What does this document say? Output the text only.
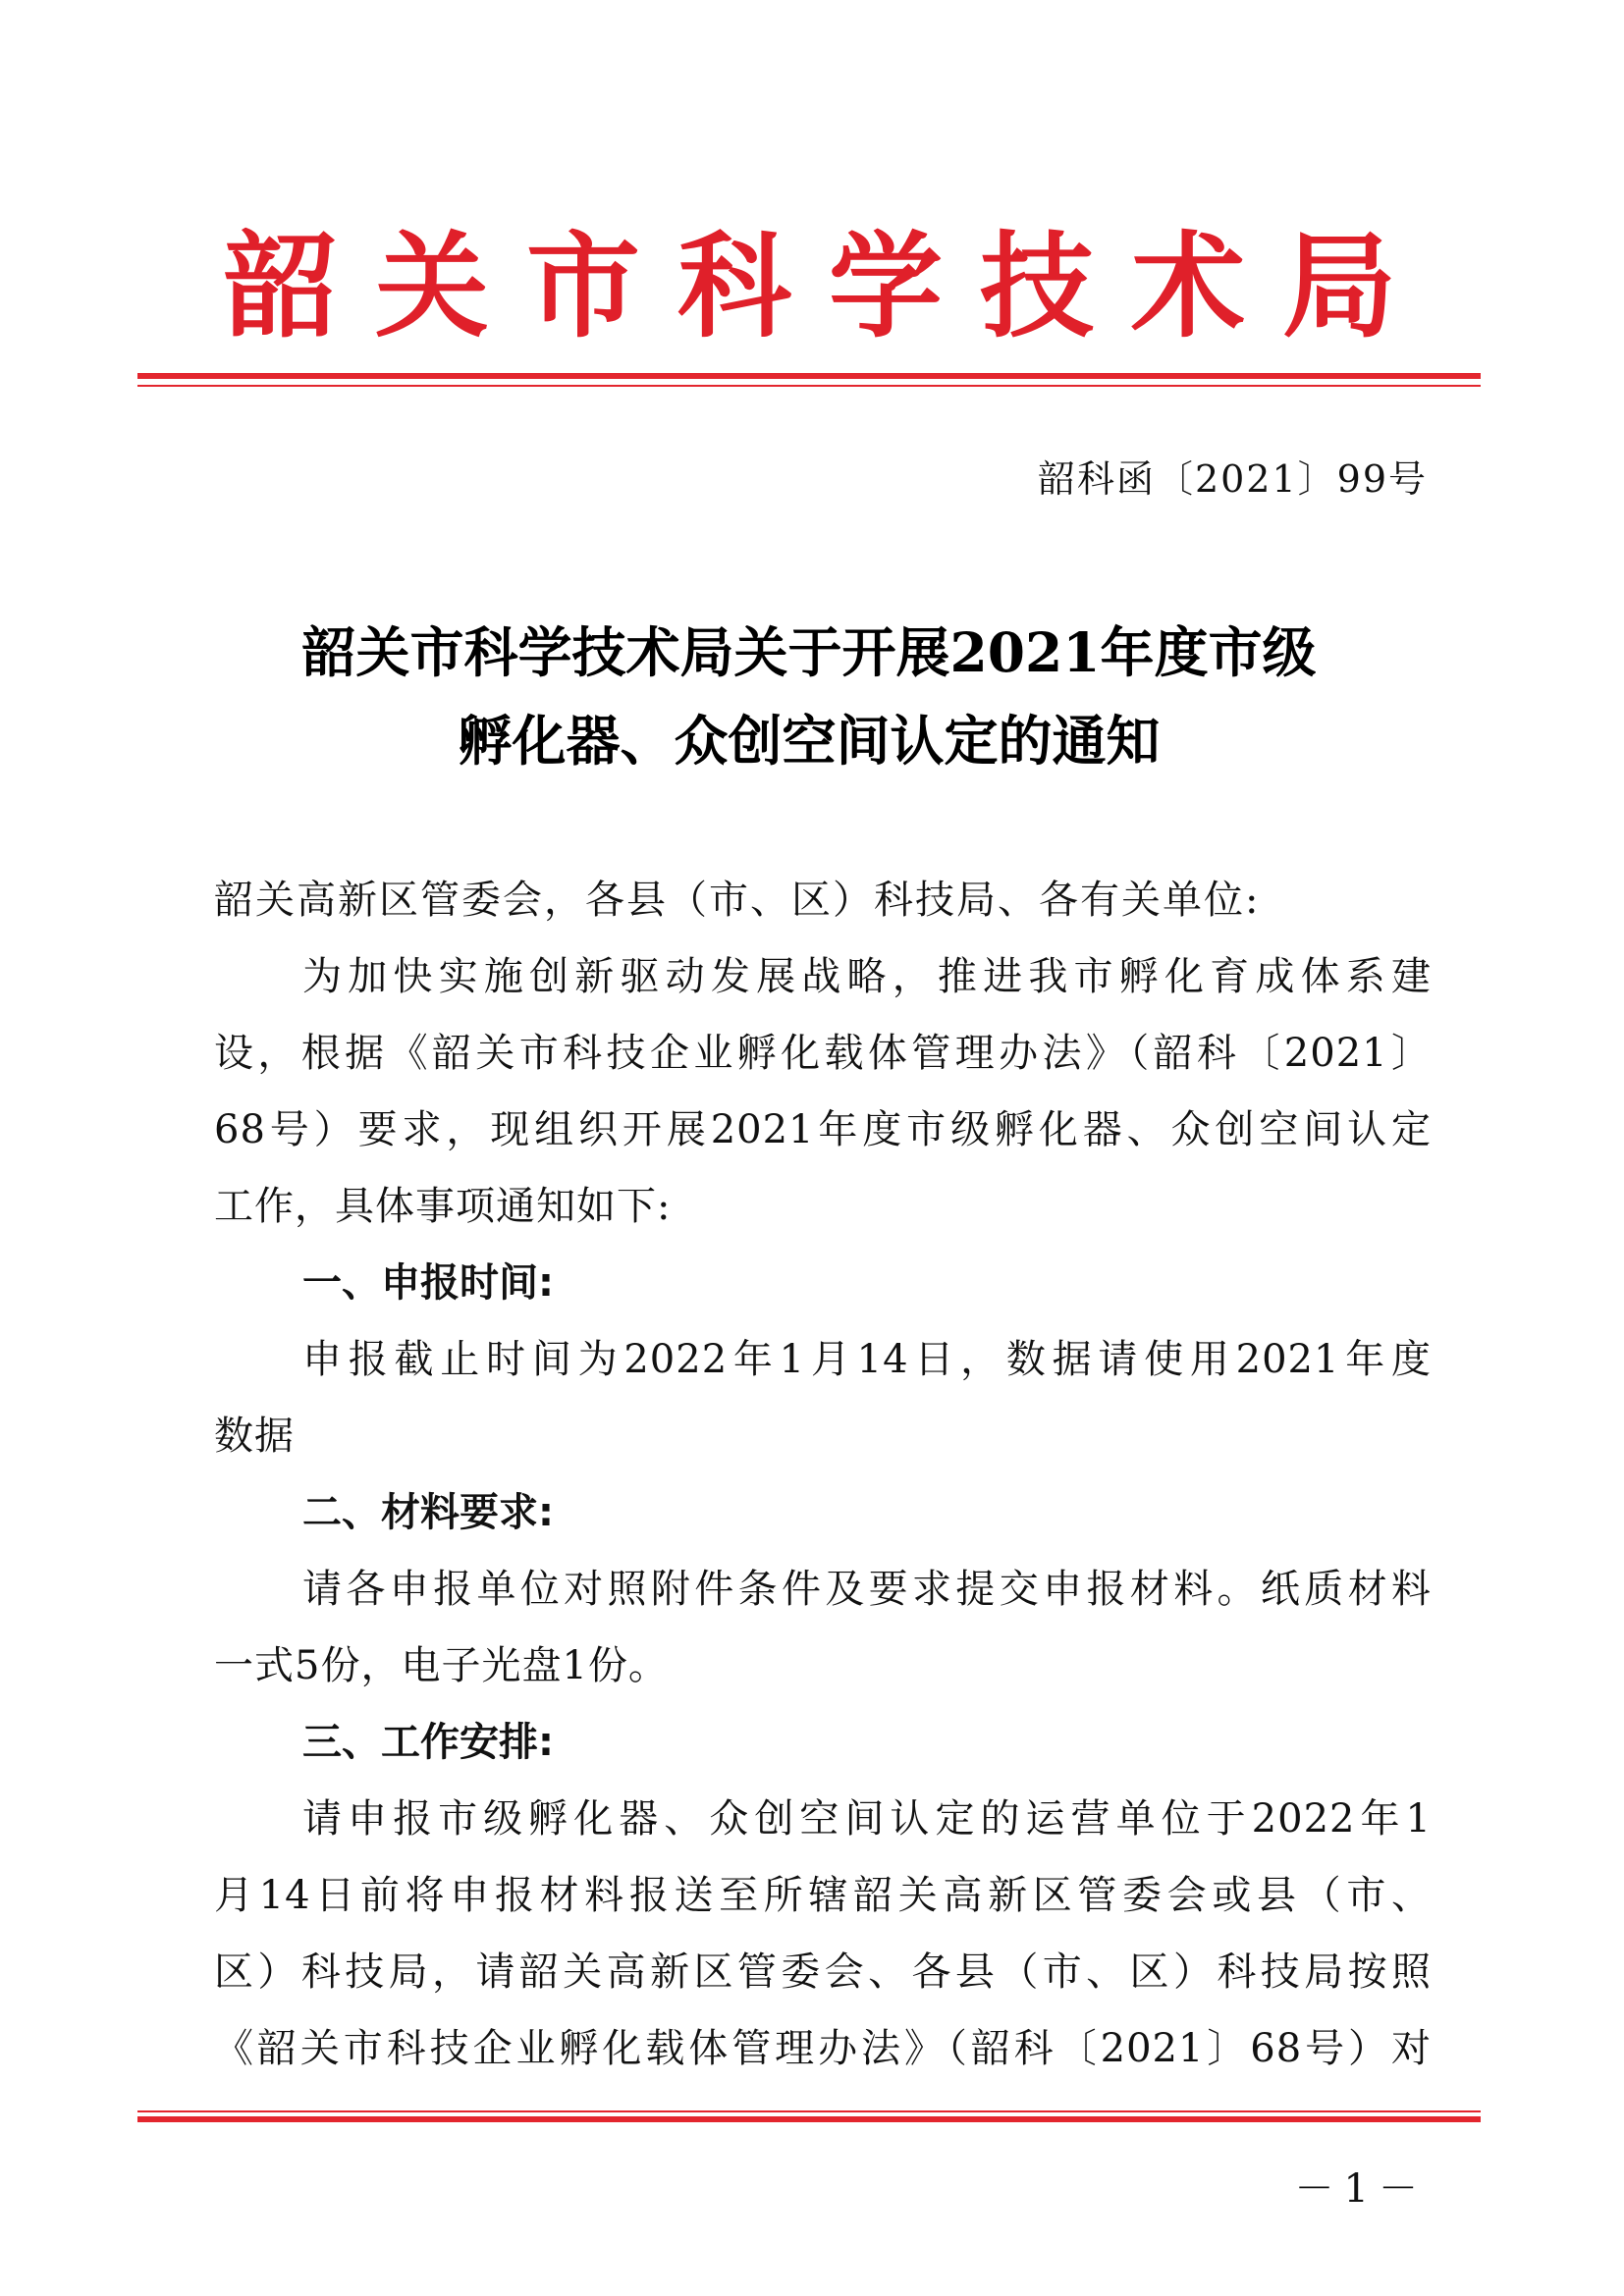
韶关市科学技术局
韶科函〔2021〕99号
韶关市科学技术局关于开展2021年度市级
孵化器、众创空间认定的通知
韶关高新区管委会，各县（市、区）科技局、各有关单位:
为加快实施创新驱动发展战略，推进我市孵化育成体系建
设，根据《韶关市科技企业孵化载体管理办法》（韶科〔2021〕
68号）要求，现组织开展2021年度市级孵化器、众创空间认定
工作，具体事项通知如下:
一、申报时间:
申报截止时间为2022年1月14日，数据请使用2021年度
数据
二、材料要求:
请各申报单位对照附件条件及要求提交申报材料。纸质材料
一式5份，电子光盘1份。
三、工作安排:
请申报市级孵化器、众创空间认定的运营单位于2022年1
月14日前将申报材料报送至所辖韶关高新区管委会或县（市、
区）科技局，请韶关高新区管委会、各县（市、区）科技局按照
《韶关市科技企业孵化载体管理办法》（韶科〔2021〕68号）对
－1－
